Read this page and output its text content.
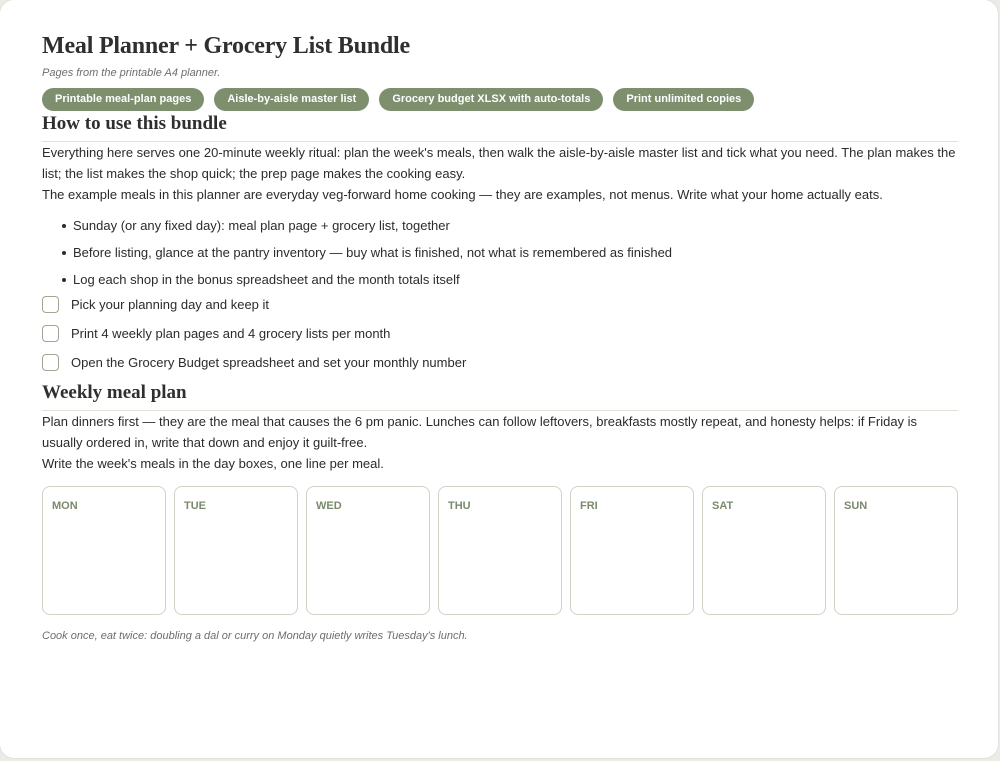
Meal Planner + Grocery List Bundle
Pages from the printable A4 planner.
Printable meal-plan pages	Aisle-by-aisle master list	Grocery budget XLSX with auto-totals	Print unlimited copies
How to use this bundle

Everything here serves one 20-minute weekly ritual: plan the week's meals, then walk the aisle-by-aisle master list and tick what you need. The plan makes the list; the list makes the shop quick; the prep page makes the cooking easy.

The example meals in this planner are everyday veg-forward home cooking — they are examples, not menus. Write what your home actually eats.

Sunday (or any fixed day): meal plan page + grocery list, together
Before listing, glance at the pantry inventory — buy what is finished, not what is remembered as finished
Log each shop in the bonus spreadsheet and the month totals itself
Pick your planning day and keep it
Print 4 weekly plan pages and 4 grocery lists per month
Open the Grocery Budget spreadsheet and set your monthly number
Weekly meal plan

Plan dinners first — they are the meal that causes the 6 pm panic. Lunches can follow leftovers, breakfasts mostly repeat, and honesty helps: if Friday is usually ordered in, write that down and enjoy it guilt-free.

Write the week's meals in the day boxes, one line per meal.

MON	TUE	WED	THU	FRI	SAT	SUN
Cook once, eat twice: doubling a dal or curry on Monday quietly writes Tuesday's lunch.
